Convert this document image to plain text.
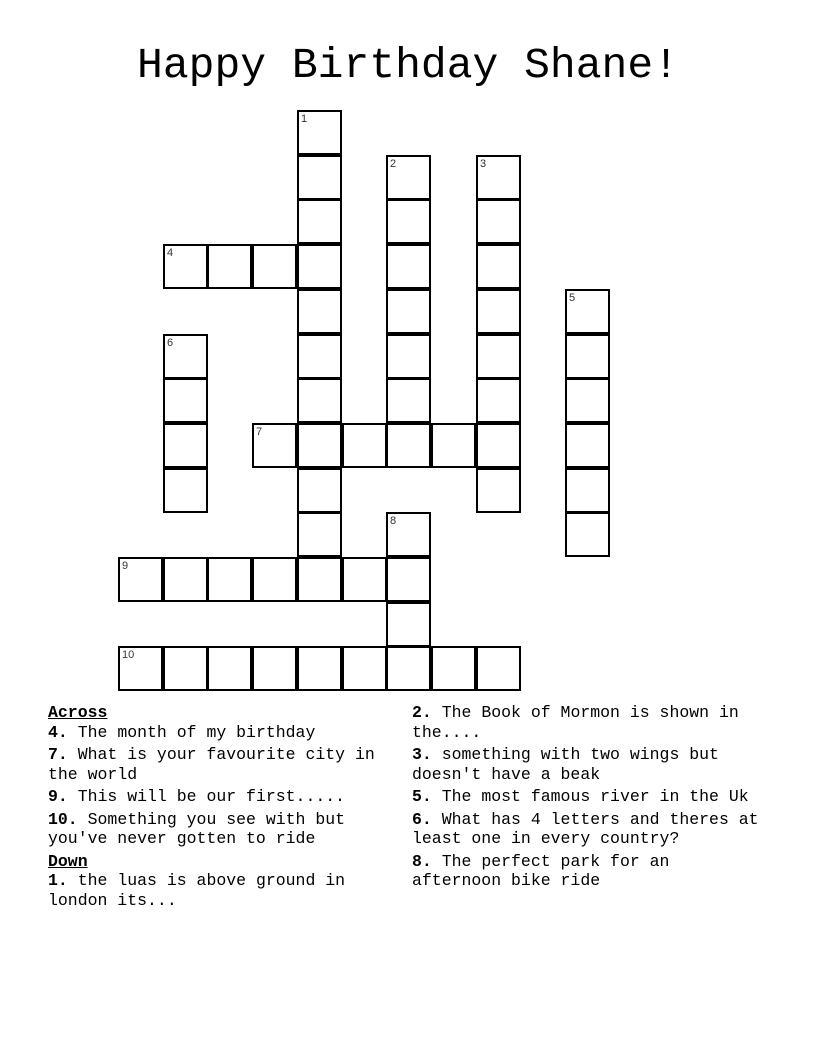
Happy Birthday Shane!
1
2	3
4
5
6
7
8
9
10
Across
4. The month of my birthday
7. What is your favourite city in the world
9. This will be our first.....
10. Something you see with but you've never gotten to ride
Down
1. the luas is above ground in london its...
2. The Book of Mormon is shown in the....
3. something with two wings but doesn't have a beak
5. The most famous river in the Uk
6. What has 4 letters and theres at least one in every country?
8. The perfect park for an afternoon bike ride
